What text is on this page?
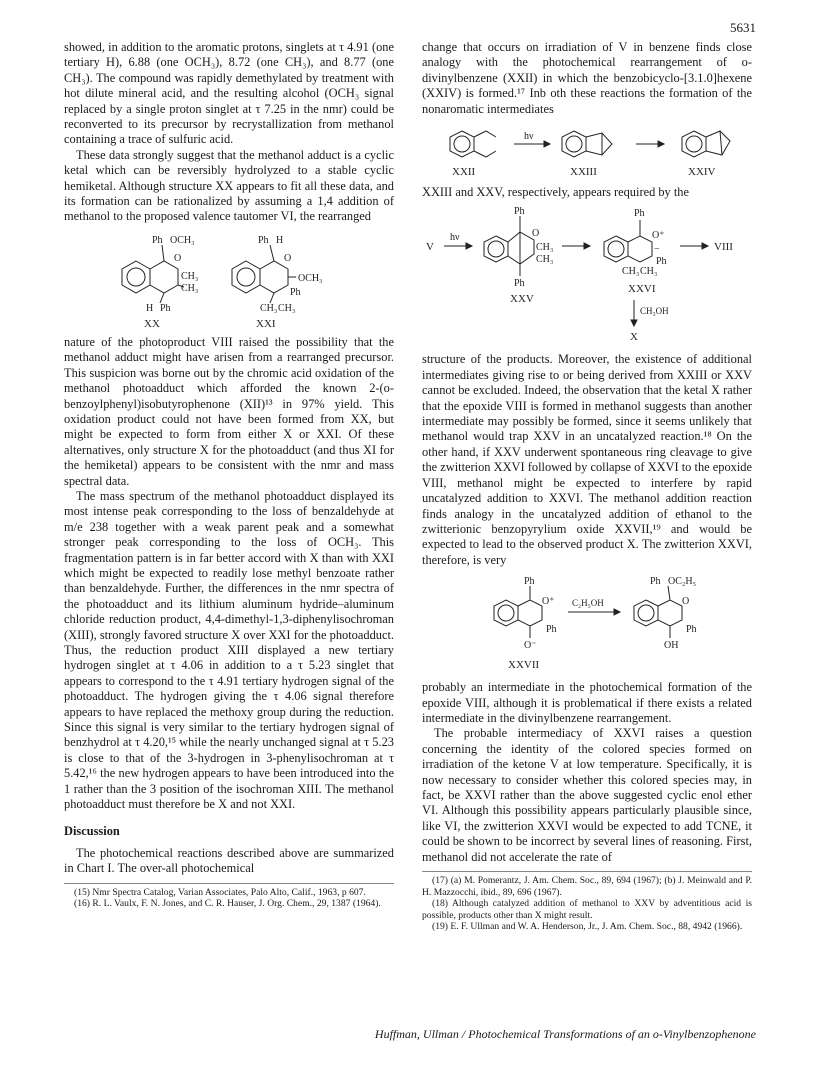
5631

showed, in addition to the aromatic protons, singlets at τ 4.91 (one tertiary H), 6.88 (one OCH₃), 8.72 (one CH₃), and 8.77 (one CH₃). The compound was rapidly demethylated by treatment with hot dilute mineral acid, and the resulting alcohol (OCH₃ signal replaced by a single proton singlet at τ 7.25 in the nmr) could be reconverted to its precursor by recrystallization from methanol containing a trace of sulfuric acid.

These data strongly suggest that the methanol adduct is a cyclic ketal which can be reversibly hydrolyzed to a stable cyclic hemiketal. Although structure XX appears to fit all these data, and its formation can be rationalized by assuming a 1,4 addition of methanol to the proposed valence tautomer VI, the rearranged

Ph OCH₃
O
CH₃
CH₃
H Ph
Ph H
O
OCH₃
Ph
CH₃ CH₃
XX	XXI

nature of the photoproduct VIII raised the possibility that the methanol adduct might have arisen from a rearranged precursor. This suspicion was borne out by the chromic acid oxidation of the methanol photoadduct which afforded the known 2-(o-benzoylphenyl)isobutyrophenone (XII)¹³ in 97% yield. This oxidation product could not have been formed from XX, but might be expected to form from either X or XXI. Of these alternatives, only structure X for the photoadduct (and thus XI for the hemiketal) appears to be consistent with the nmr and mass spectral data.

The mass spectrum of the methanol photoadduct displayed its most intense peak corresponding to the loss of benzaldehyde at m/e 238 together with a weak parent peak and a somewhat stronger peak corresponding to the loss of OCH₃. This fragmentation pattern is in far better accord with X than with XXI which might be expected to readily lose methyl benzoate rather than benzaldehyde. Further, the differences in the nmr spectra of the photoadduct and its lithium aluminum hydride–aluminum chloride reduction product, 4,4-dimethyl-1,3-diphenylisochroman (XIII), strongly favored structure X over XXI for the photoadduct. Thus, the reduction product XIII displayed a new tertiary hydrogen singlet at τ 4.06 in addition to a τ 5.23 singlet that appears to correspond to the τ 4.91 tertiary hydrogen signal of the photoadduct. The hydrogen giving the τ 4.06 signal therefore appears to have replaced the methoxy group during the reduction. Since this signal is very similar to the tertiary hydrogen signal of benzhydrol at τ 4.20,¹⁵ while the nearly unchanged signal at τ 5.23 is close to that of the 3-hydrogen in 3-phenylisochroman at τ 5.42,¹⁶ the new hydrogen appears to have been introduced into the 1 rather than the 3 position of the isochroman XIII. The methanol photoadduct must therefore be X and not XXI.

Discussion

The photochemical reactions described above are summarized in Chart I. The over-all photochemical

(15) Nmr Spectra Catalog, Varian Associates, Palo Alto, Calif., 1963, p 607.
(16) R. L. Vaulx, F. N. Jones, and C. R. Hauser, J. Org. Chem., 29, 1387 (1964).

change that occurs on irradiation of V in benzene finds close analogy with the photochemical rearrangement of o-divinylbenzene (XXII) in which the benzobicyclo-[3.1.0]hexene (XXIV) is formed.¹⁷ Inb oth these reactions the formation of the nonaromatic intermediates

hν
XXII	XXIII	XXIV

XXIII and XXV, respectively, appears required by the

Ph
O
CH₃
CH₃
Ph
Ph
O⁺
−
Ph
CH₃ CH₃
V
hν
XXV
XXVI
VIII
CH₃OH
X

structure of the products. Moreover, the existence of additional intermediates giving rise to or being derived from XXIII or XXV cannot be excluded. Indeed, the observation that the ketal X rather that the epoxide VIII is formed in methanol suggests than another intermediate may possibly be formed, since it seems unlikely that methanol would trap XXV in an uncatalyzed reaction.¹⁸ On the other hand, if XXV underwent spontaneous ring cleavage to give the zwitterion XXVI followed by collapse of XXVI to the epoxide VIII, methanol might be expected to interfere by rapid uncatalyzed addition to XXVI. The methanol addition reaction finds analogy in the uncatalyzed addition of ethanol to the zwitterionic benzopyrylium oxide XXVII,¹⁹ and would be expected to lead to the observed product X. The zwitterion XXVI, therefore, is very

Ph
O⁺
Ph
O⁻
Ph OC₂H₅
O
Ph
OH
C₂H₅OH
XXVII

probably an intermediate in the photochemical formation of the epoxide VIII, although it is problematical if there exists a related intermediate in the divinylbenzene rearrangement.

The probable intermediacy of XXVI raises a question concerning the identity of the colored species formed on irradiation of the ketone V at low temperature. Specifically, it is now necessary to consider whether this colored species may, in fact, be XXVI rather than the above suggested cyclic enol ether VI. Although this possibility appears particularly plausible since, like VI, the zwitterion XXVI would be expected to add TCNE, it could be shown to be incorrect by several lines of reasoning. First, methanol did not accelerate the rate of

(17) (a) M. Pomerantz, J. Am. Chem. Soc., 89, 694 (1967); (b) J. Meinwald and P. H. Mazzocchi, ibid., 89, 696 (1967).
(18) Although catalyzed addition of methanol to XXV by adventitious acid is possible, products other than X might result.
(19) E. F. Ullman and W. A. Henderson, Jr., J. Am. Chem. Soc., 88, 4942 (1966).
Huffman, Ullman / Photochemical Transformations of an o-Vinylbenzophenone
